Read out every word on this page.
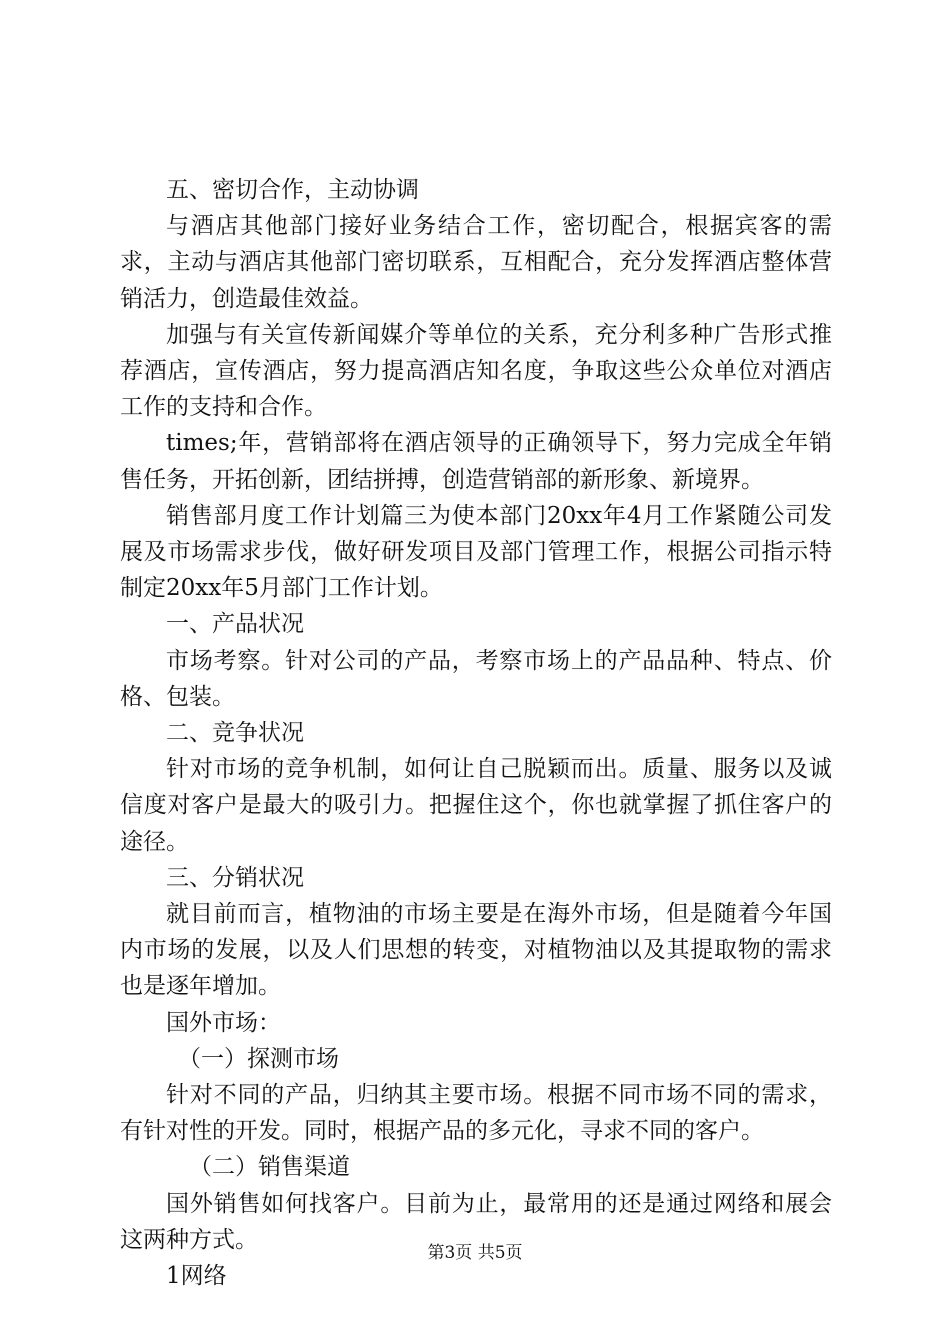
五、密切合作，主动协调

与酒店其他部门接好业务结合工作，密切配合，根据宾客的需求，主动与酒店其他部门密切联系，互相配合，充分发挥酒店整体营销活力，创造最佳效益。

加强与有关宣传新闻媒介等单位的关系，充分利多种广告形式推荐酒店，宣传酒店，努力提高酒店知名度，争取这些公众单位对酒店工作的支持和合作。

times;年，营销部将在酒店领导的正确领导下，努力完成全年销售任务，开拓创新，团结拼搏，创造营销部的新形象、新境界。

销售部月度工作计划篇三为使本部门20xx年4月工作紧随公司发展及市场需求步伐，做好研发项目及部门管理工作，根据公司指示特制定20xx年5月部门工作计划。

一、产品状况

市场考察。针对公司的产品，考察市场上的产品品种、特点、价格、包装。

二、竞争状况

针对市场的竞争机制，如何让自己脱颖而出。质量、服务以及诚信度对客户是最大的吸引力。把握住这个，你也就掌握了抓住客户的途径。

三、分销状况

就目前而言，植物油的市场主要是在海外市场，但是随着今年国内市场的发展，以及人们思想的转变，对植物油以及其提取物的需求也是逐年增加。

国外市场：

（一）探测市场

针对不同的产品，归纳其主要市场。根据不同市场不同的需求，有针对性的开发。同时，根据产品的多元化，寻求不同的客户。

（二）销售渠道

国外销售如何找客户。目前为止，最常用的还是通过网络和展会这两种方式。

1网络

第3页 共5页
